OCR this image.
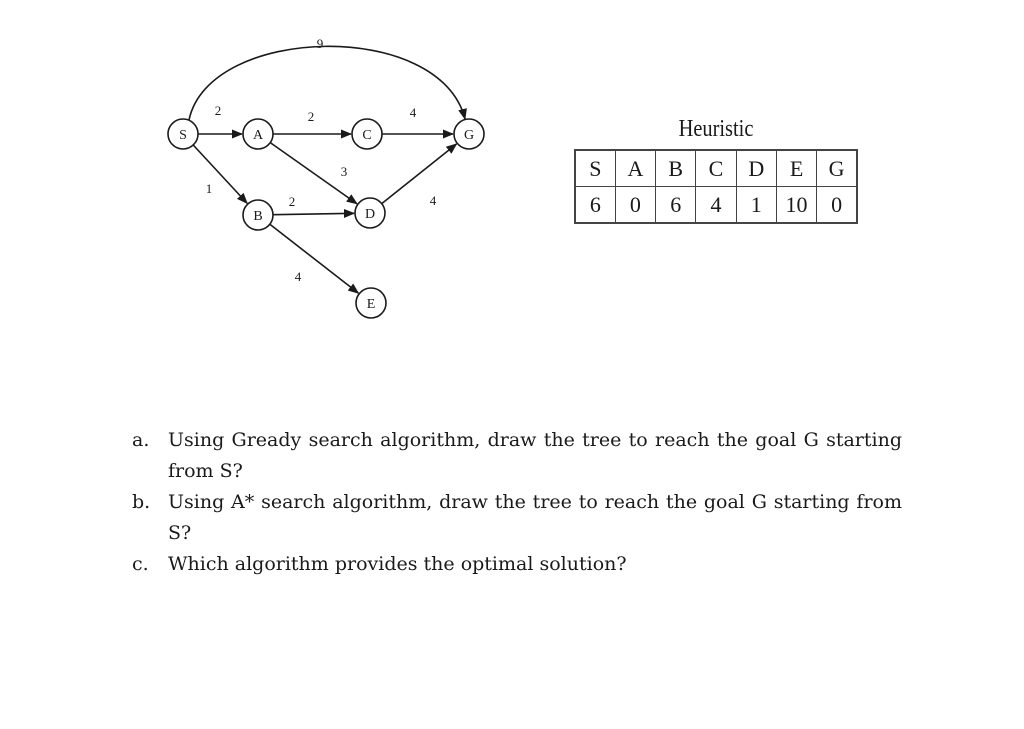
2
1
9
2
3
2
4
4
4
S	A
B
C
D
E
G	Heuristic
S	A	B	C	D	E	G
6	0	6	4	1	10	0
a. Using Gready search algorithm, draw the tree to reach the goal G starting from S?
b. Using A* search algorithm, draw the tree to reach the goal G starting from S?
c.	Which algorithm provides the optimal solution?
